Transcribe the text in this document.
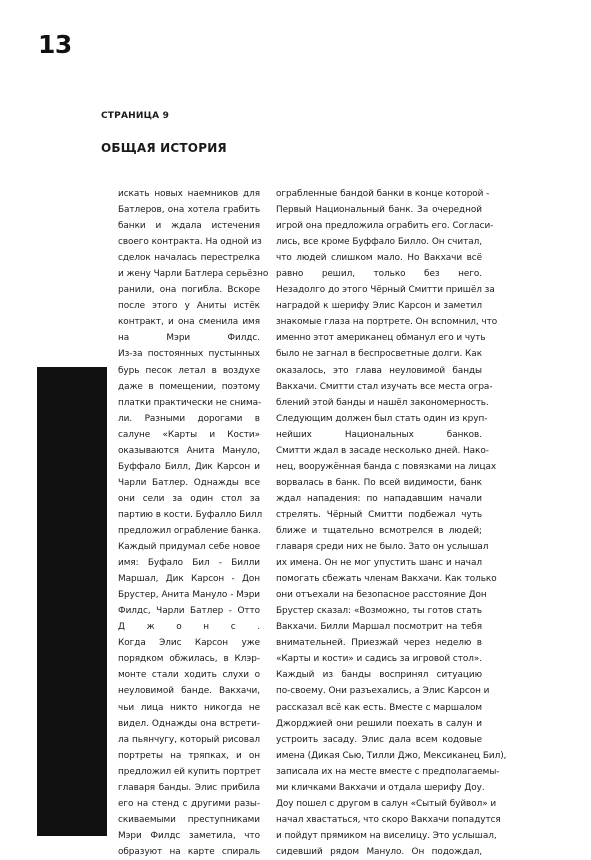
13
СТРАНИЦА 9
ОБЩАЯ ИСТОРИЯ
искать новых наемников для
Батлеров, она хотела грабить
банки и ждала истечения
своего контракта. На одной из
сделок началась перестрелка
и жену Чарли Батлера серьёзно
ранили, она погибла. Вскоре
после этого у Аниты истёк
контракт, и она сменила имя
на Мэри Филдс.
Из-за постоянных пустынных
бурь песок летал в воздухе
даже в помещении, поэтому
платки практически не снима-
ли. Разными дорогами в
салуне «Карты и Кости»
оказываются Анита Мануло,
Буффало Билл, Дик Карсон и
Чарли Батлер. Однажды все
они сели за один стол за
партию в кости. Буфалло Билл
предложил ограбление банка.
Каждый придумал себе новое
имя: Буфало Бил - Билли
Маршал, Дик Карсон - Дон
Брустер, Анита Мануло - Мэри
Филдс, Чарли Батлер - Отто
Д ж о н с .
Когда Элис Карсон уже
порядком обжилась, в Клэр-
монте стали ходить слухи о
неуловимой банде. Вакхачи,
чьи лица никто никогда не
видел. Однажды она встрети-
ла пьянчугу, который рисовал
портреты на тряпках, и он
предложил ей купить портрет
главаря банды. Элис прибила
его на стенд с другими разы-
скиваемыми преступниками
Мэри Филдс заметила, что
образуют на карте спираль
ограбленные бандой банки в конце которой -
Первый Национальный банк. За очередной
игрой она предложила ограбить его. Согласи-
лись, все кроме Буффало Билло. Он считал,
что людей слишком мало. Но Вакхачи всё
равно решил, только без него.
Незадолго до этого Чёрный Смитти пришёл за
наградой к шерифу Элис Карсон и заметил
знакомые глаза на портрете. Он вспомнил, что
именно этот американец обманул его и чуть
было не загнал в беспросветные долги. Как
оказалось, это глава неуловимой банды
Вакхачи. Смитти стал изучать все места огра-
блений этой банды и нашёл закономерность.
Следующим должен был стать один из круп-
нейших Национальных банков.
Смитти ждал в засаде несколько дней. Нако-
нец, вооружённая банда с повязками на лицах
ворвалась в банк. По всей видимости, банк
ждал нападения: по нападавшим начали
стрелять. Чёрный Смитти подбежал чуть
ближе и тщательно всмотрелся в людей;
главаря среди них не было. Зато он услышал
их имена. Он не мог упустить шанс и начал
помогать сбежать членам Вакхачи. Как только
они отъехали на безопасное расстояние Дон
Брустер сказал: «Возможно, ты готов стать
Вакхачи. Билли Маршал посмотрит на тебя
внимательней. Приезжай через неделю в
«Карты и кости» и садись за игровой стол».
Каждый из банды воспринял ситуацию
по-своему. Они разъехались, а Элис Карсон и
рассказал всё как есть. Вместе с маршалом
Джорджией они решили поехать в салун и
устроить засаду. Элис дала всем кодовые
имена (Дикая Сью, Тилли Джо, Мексиканец Бил),
записала их на месте вместе с предполагаемы-
ми кличками Вакхачи и отдала шерифу Доу.
Доу пошел с другом в салун «Сытый буйвол» и
начал хвастаться, что скоро Вакхачи попадутся
и пойдут прямиком на виселицу. Это услышал,
сидевший рядом Мануло. Он подождал,
